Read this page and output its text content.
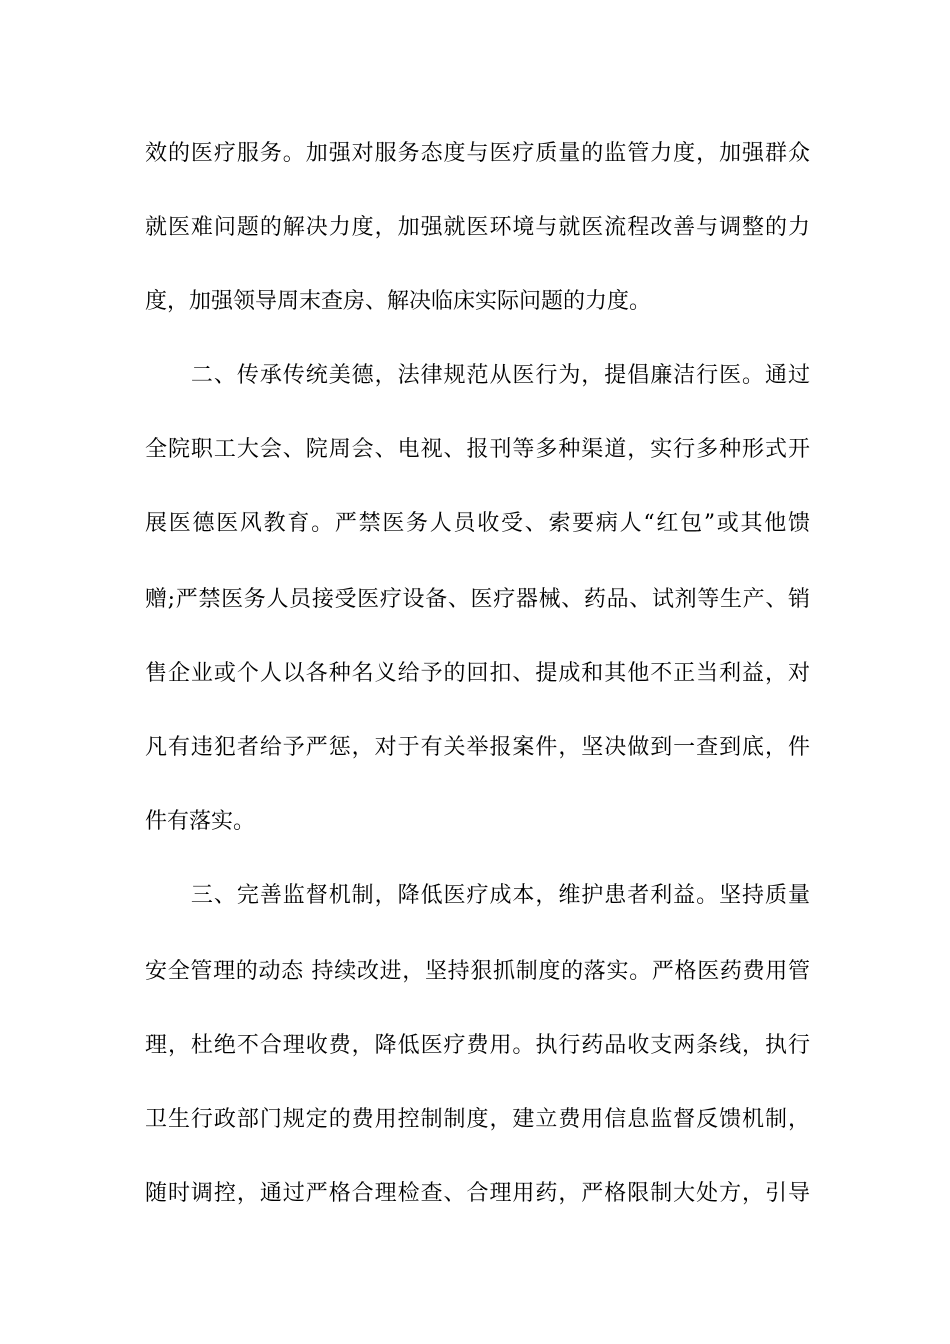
效的医疗服务。加强对服务态度与医疗质量的监管力度，加强群众
就医难问题的解决力度，加强就医环境与就医流程改善与调整的力
度，加强领导周末查房、解决临床实际问题的力度。
　　二、传承传统美德，法律规范从医行为，提倡廉洁行医。通过
全院职工大会、院周会、电视、报刊等多种渠道，实行多种形式开
展医德医风教育。严禁医务人员收受、索要病人“红包”或其他馈
赠;严禁医务人员接受医疗设备、医疗器械、药品、试剂等生产、销
售企业或个人以各种名义给予的回扣、提成和其他不正当利益，对
凡有违犯者给予严惩，对于有关举报案件，坚决做到一查到底，件
件有落实。
　　三、完善监督机制，降低医疗成本，维护患者利益。坚持质量
安全管理的动态 持续改进，坚持狠抓制度的落实。严格医药费用管
理，杜绝不合理收费，降低医疗费用。执行药品收支两条线，执行
卫生行政部门规定的费用控制制度，建立费用信息监督反馈机制，
随时调控，通过严格合理检查、合理用药，严格限制大处方，引导
